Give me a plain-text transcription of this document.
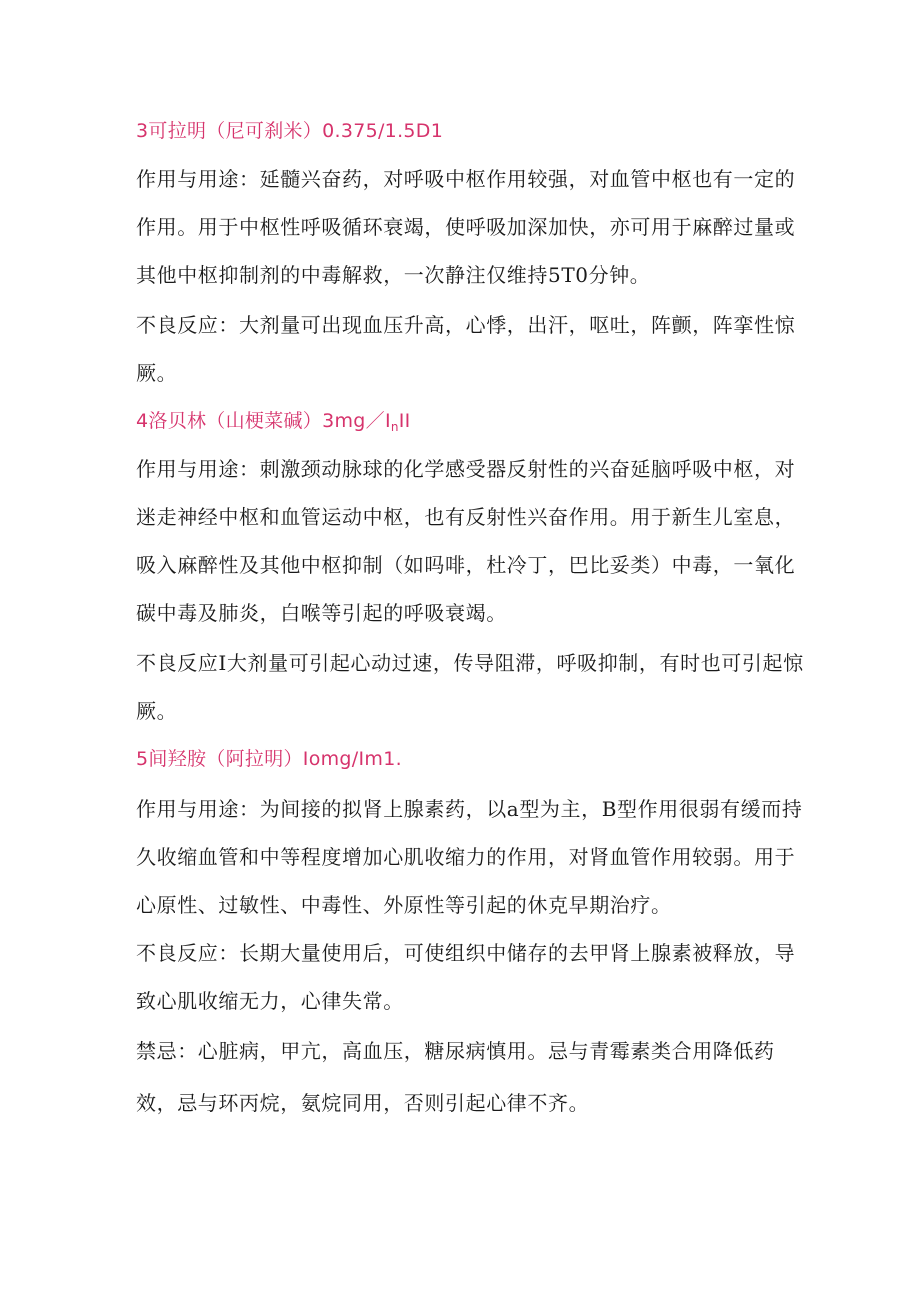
3可拉明（尼可刹米）0.375/1.5D1
作用与用途：延髓兴奋药，对呼吸中枢作用较强，对血管中枢也有一定的
作用。用于中枢性呼吸循环衰竭，使呼吸加深加快，亦可用于麻醉过量或
其他中枢抑制剂的中毒解救，一次静注仅维持5T0分钟。
不良反应：大剂量可出现血压升高，心悸，出汗，呕吐，阵颤，阵挛性惊
厥。
4洛贝林（山梗菜碱）$3mg/I_nII$
作用与用途：刺激颈动脉球的化学感受器反射性的兴奋延脑呼吸中枢，对
迷走神经中枢和血管运动中枢，也有反射性兴奋作用。用于新生儿室息，
吸入麻醉性及其他中枢抑制（如吗啡，杜冷丁，巴比妥类）中毒，一氧化
碳中毒及肺炎，白喉等引起的呼吸衰竭。
不良反应I大剂量可引起心动过速，传导阻滞，呼吸抑制，有时也可引起惊
厥。
5间羟胺（阿拉明）Iomg/Im1.
作用与用途：为间接的拟肾上腺素药，以a型为主，B型作用很弱有缓而持
久收缩血管和中等程度增加心肌收缩力的作用，对肾血管作用较弱。用于
心原性、过敏性、中毒性、外原性等引起的休克早期治疗。
不良反应：长期大量使用后，可使组织中储存的去甲肾上腺素被释放，导
致心肌收缩无力，心律失常。
禁忌：心脏病，甲亢，高血压，糖尿病慎用。忌与青霉素类合用降低药
效，忌与环丙烷，氨烷同用，否则引起心律不齐。
